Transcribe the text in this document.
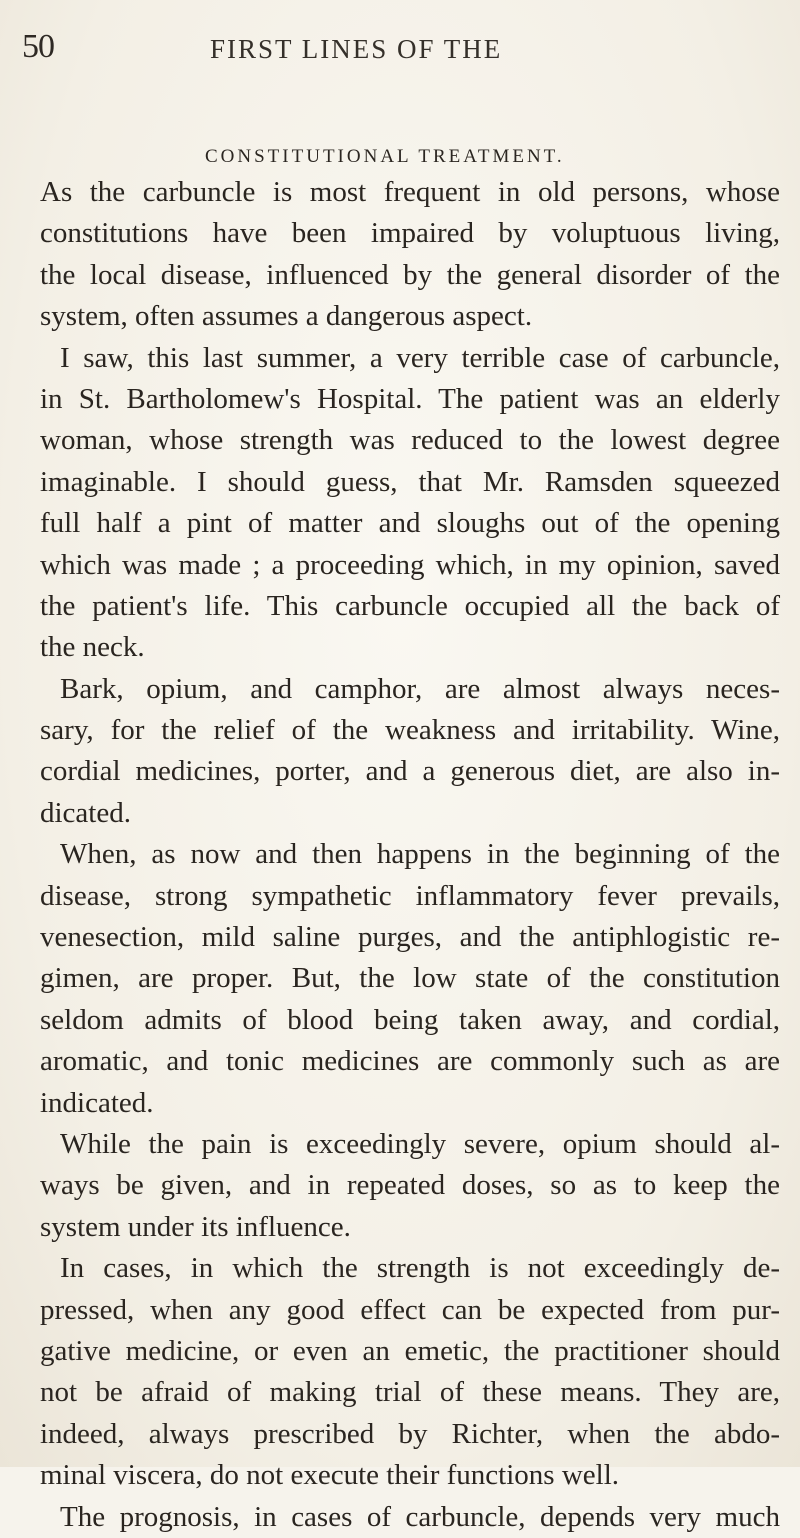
50	FIRST LINES OF THE
CONSTITUTIONAL TREATMENT.
As the carbuncle is most frequent in old persons, whose
constitutions have been impaired by voluptuous living,
the local disease, influenced by the general disorder of the
system, often assumes a dangerous aspect.
I saw, this last summer, a very terrible case of carbuncle,
in St. Bartholomew's Hospital. The patient was an elderly
woman, whose strength was reduced to the lowest degree
imaginable. I should guess, that Mr. Ramsden squeezed
full half a pint of matter and sloughs out of the opening
which was made ; a proceeding which, in my opinion, saved
the patient's life. This carbuncle occupied all the back of
the neck.
Bark, opium, and camphor, are almost always neces-
sary, for the relief of the weakness and irritability. Wine,
cordial medicines, porter, and a generous diet, are also in-
dicated.
When, as now and then happens in the beginning of the
disease, strong sympathetic inflammatory fever prevails,
venesection, mild saline purges, and the antiphlogistic re-
gimen, are proper. But, the low state of the constitution
seldom admits of blood being taken away, and cordial,
aromatic, and tonic medicines are commonly such as are
indicated.
While the pain is exceedingly severe, opium should al-
ways be given, and in repeated doses, so as to keep the
system under its influence.
In cases, in which the strength is not exceedingly de-
pressed, when any good effect can be expected from pur-
gative medicine, or even an emetic, the practitioner should
not be afraid of making trial of these means. They are,
indeed, always prescribed by Richter, when the abdo-
minal viscera, do not execute their functions well.
The prognosis, in cases of carbuncle, depends very much
